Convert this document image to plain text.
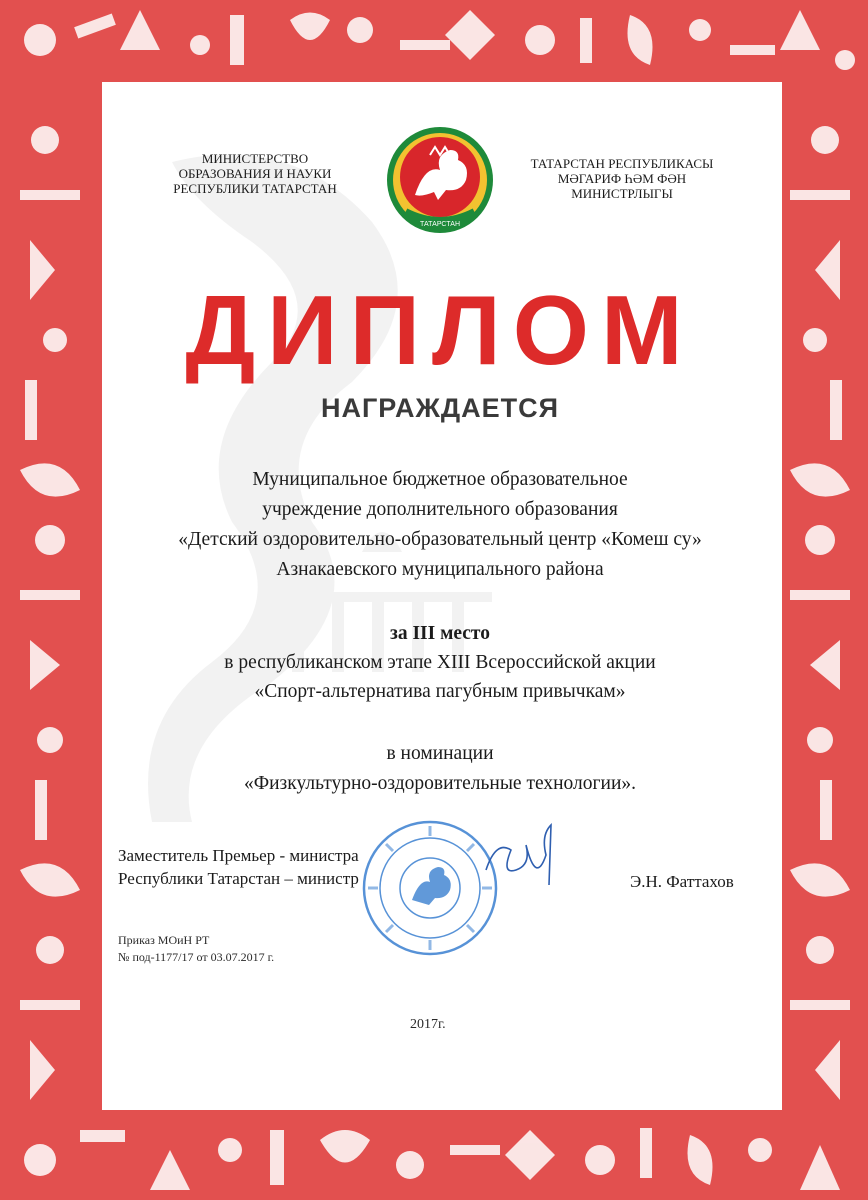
МИНИСТЕРСТВО
ОБРАЗОВАНИЯ И НАУКИ
РЕСПУБЛИКИ ТАТАРСТАН
ТАТАРСТАН
ТАТАРСТАН РЕСПУБЛИКАСЫ
МӘГАРИФ ҺӘМ ФӘН
МИНИСТРЛЫГЫ
ДИПЛОМ
НАГРАЖДАЕТСЯ
Муниципальное бюджетное образовательное
учреждение дополнительного образования
«Детский оздоровительно-образовательный центр «Комеш су»
Азнакаевского муниципального района
за III место
в республиканском этапе XIII Всероссийской акции
«Спорт-альтернатива пагубным привычкам»
в номинации
«Физкультурно-оздоровительные технологии».
Заместитель Премьер - министра
Республики Татарстан – министр	Э.Н. Фаттахов
Приказ МОиН РТ
№ под-1177/17 от 03.07.2017 г.
2017г.
